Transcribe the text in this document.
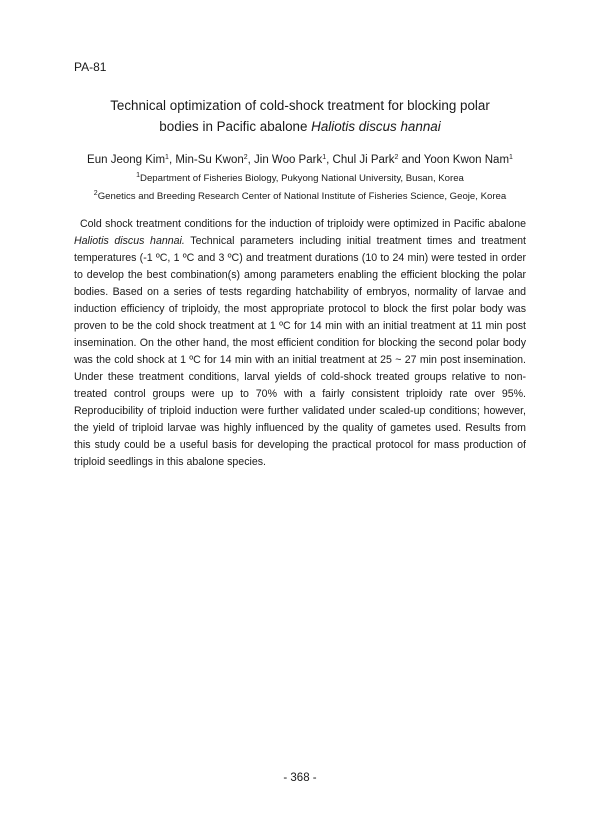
PA-81
Technical optimization of cold-shock treatment for blocking polar
bodies in Pacific abalone Haliotis discus hannai
Eun Jeong Kim$^1$, Min-Su Kwon$^2$, Jin Woo Park$^1$, Chul Ji Park$^2$ and Yoon Kwon Nam$^1$
$^1$Department of Fisheries Biology, Pukyong National University, Busan, Korea
$^2$Genetics and Breeding Research Center of National Institute of Fisheries Science, Geoje, Korea

Cold shock treatment conditions for the induction of triploidy were optimized in Pacific abalone Haliotis discus hannai. Technical parameters including initial treatment times and treatment temperatures (-1 ºC, 1 ºC and 3 ºC) and treatment durations (10 to 24 min) were tested in order to develop the best combination(s) among parameters enabling the efficient blocking the polar bodies. Based on a series of tests regarding hatchability of embryos, normality of larvae and induction efficiency of triploidy, the most appropriate protocol to block the first polar body was proven to be the cold shock treatment at 1 ºC for 14 min with an initial treatment at 11 min post insemination. On the other hand, the most efficient condition for blocking the second polar body was the cold shock at 1 ºC for 14 min with an initial treatment at 25 ~ 27 min post insemination. Under these treatment conditions, larval yields of cold-shock treated groups relative to non-treated control groups were up to 70% with a fairly consistent triploidy rate over 95%. Reproducibility of triploid induction were further validated under scaled-up conditions; however, the yield of triploid larvae was highly influenced by the quality of gametes used. Results from this study could be a useful basis for developing the practical protocol for mass production of triploid seedlings in this abalone species.

- 368 -
